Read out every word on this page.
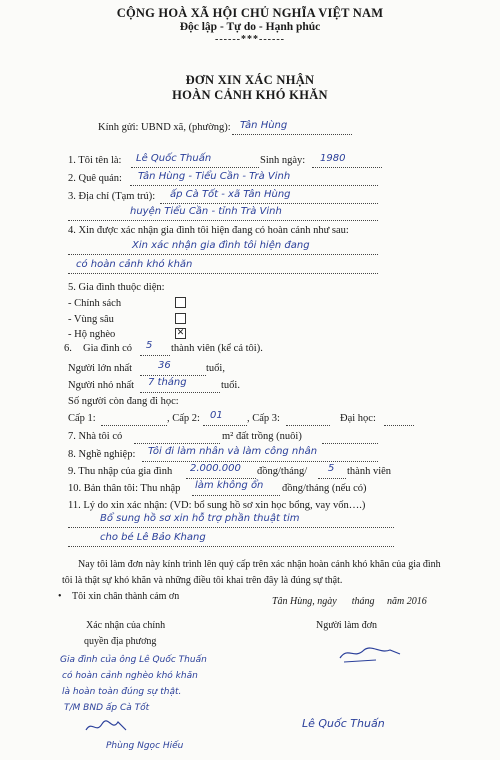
CỘNG HOÀ XÃ HỘI CHỦ NGHĨA VIỆT NAM
Độc lập - Tự do - Hạnh phúc
------***------
ĐƠN XIN XÁC NHẬN
HOÀN CẢNH KHÓ KHĂN
Kính gửi: UBND xã, (phường): Tân Hùng
1. Tôi tên là: Lê Quốc Thuấn	Sinh ngày: 1980
2. Quê quán: Tân Hùng - Tiểu Cần - Trà Vinh
3. Địa chỉ (Tạm trú): ấp Cà Tốt - xã Tân Hùng
huyện Tiểu Cần - tỉnh Trà Vinh
4. Xin được xác nhận gia đình tôi hiện đang có hoàn cảnh như sau:
Xin xác nhận gia đình tôi hiện đang
có hoàn cảnh khó khăn
5. Gia đình thuộc diện:
- Chính sách
- Vùng sâu
- Hộ nghèo	✕
6. Gia đình có 5 thành viên (kể cả tôi).
Người lớn nhất	36	tuổi,
Người nhỏ nhất 7 tháng	tuổi.
Số người còn đang đi học:
Cấp 1:	, Cấp 2: 01 , Cấp 3:	Đại học:
7. Nhà tôi có	m² đất trồng (nuôi)
8. Nghề nghiệp: Tôi đi làm nhân và làm công nhân
9. Thu nhập của gia đình 2.000.000 đồng/tháng/ 5 thành viên
10. Bản thân tôi: Thu nhập làm không ổn đồng/tháng (nếu có)
11. Lý do xin xác nhận: (VD: bổ sung hồ sơ xin học bổng, vay vốn….)
Bổ sung hồ sơ xin hỗ trợ phần thuật tim
cho bé Lê Bảo Khang
Nay tôi làm đơn này kính trình lên quý cấp trên xác nhận hoàn cảnh khó khăn của gia đình
tôi là thật sự khó khăn và những điều tôi khai trên đây là đúng sự thật.
• Tôi xin chân thành cảm ơn	Tân Hùng, ngày      tháng     năm 2016
Xác nhận của chính
quyền địa phương
Người làm đơn
Gia đình của ông Lê Quốc Thuấn
có hoàn cảnh nghèo khó khăn
là hoàn toàn đúng sự thật.
T/M BND ấp Cà Tốt
Phùng Ngọc Hiếu
Lê Quốc Thuấn
